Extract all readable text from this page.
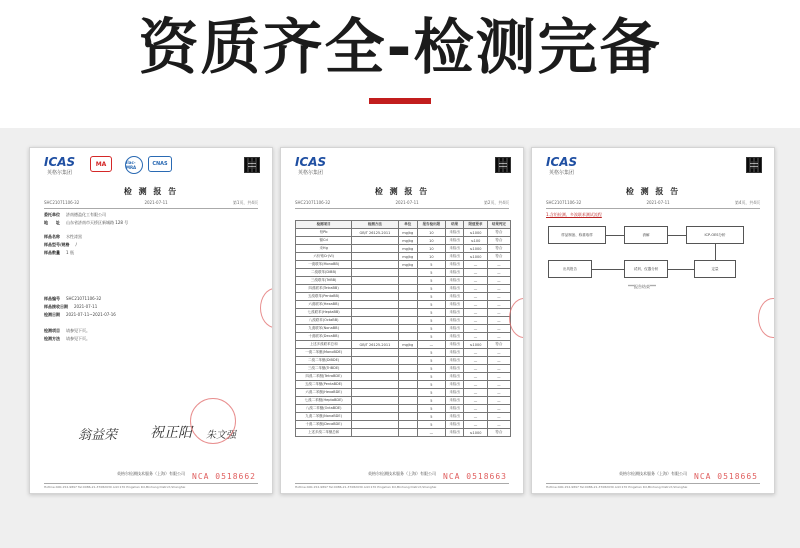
资质齐全-检测完备
ICAS
英格尔集团
MA	ilac-MRA
CNAS
检 测 报 告
SHC21071106-32	2021-07-11	第1页，共4页
委托单位 济南德盈化工有限公司
地　　址 山东省济南市天桥区新城路 128 号
样品名称 水性漆黑
样品型号/规格 /
样品数量 1 瓶
样品编号 SHC21071106-32
样品接收日期 2021-07-11
检测日期 2021-07-11~2021-07-16
检测项目 请参见下页。
检测方法 请参见下页。
翁益荣 祝正阳 朱文强
英格尔检测技术服务（上海）有限公司 NCA 0518662
Hotline:400-152-9897 Tel:0086-21-37082030 Add:170 Pingshan Rd,Minhang District,Shanghai
ICAS
英格尔集团
检 测 报 告
SHC21071106-32	2021-07-11	第2页，共4页
检测项目	检测方法	单位	报告检出限	结果	限值要求	结果判定
铅Pb	GB/T 26125-2011	mg/kg	10	未检出	≤1000	符合
镉Cd		mg/kg	10	未检出	≤100	符合
汞Hg		mg/kg	10	未检出	≤1000	符合
六价铬Cr(VI)		mg/kg	10	未检出	≤1000	符合
一溴联苯(MonoBB)		mg/kg	5	未检出	—	—
二溴联苯(DiBB)			5	未检出	—	—
三溴联苯(TriBB)			5	未检出	—	—
四溴联苯(TetraBB)			5	未检出	—	—
五溴联苯(PentaBB)			5	未检出	—	—
六溴联苯(HexaBB)			5	未检出	—	—
七溴联苯(HeptaBB)			5	未检出	—	—
八溴联苯(OctaBB)			5	未检出	—	—
九溴联苯(NonaBB)			5	未检出	—	—
十溴联苯(DecaBB)			5	未检出	—	—
上述多溴联苯总和	GB/T 26125-2011	mg/kg	—	未检出	≤1000	符合
一溴二苯醚(MonoBDE)			5	未检出	—	—
二溴二苯醚(DiBDE)			5	未检出	—	—
三溴二苯醚(TriBDE)			5	未检出	—	—
四溴二苯醚(TetraBDE)			5	未检出	—	—
五溴二苯醚(PentaBDE)			5	未检出	—	—
六溴二苯醚(HexaBDE)			5	未检出	—	—
七溴二苯醚(HeptaBDE)			5	未检出	—	—
八溴二苯醚(OctaBDE)			5	未检出	—	—
九溴二苯醚(NonaBDE)			5	未检出	—	—
十溴二苯醚(DecaBDE)			5	未检出	—	—
上述多溴二苯醚总和			—	未检出	≤1000	符合
英格尔检测技术服务（上海）有限公司 NCA 0518663
Hotline:400-152-9897 Tel:0086-21-37082030 Add:170 Pingshan Rd,Minhang District,Shanghai
ICAS
英格尔集团
检 测 报 告
SHC21071106-32	2021-07-11	第4页，共4页
1.含铅检测、多溴联苯测试流程
样品制备、称重取样	消解	ICP-OES分析
出具报告	试剂、仪器分析	定量
***报告结束***
英格尔检测技术服务（上海）有限公司 NCA 0518665
Hotline:400-152-9897 Tel:0086-21-37082030 Add:170 Pingshan Rd,Minhang District,Shanghai
